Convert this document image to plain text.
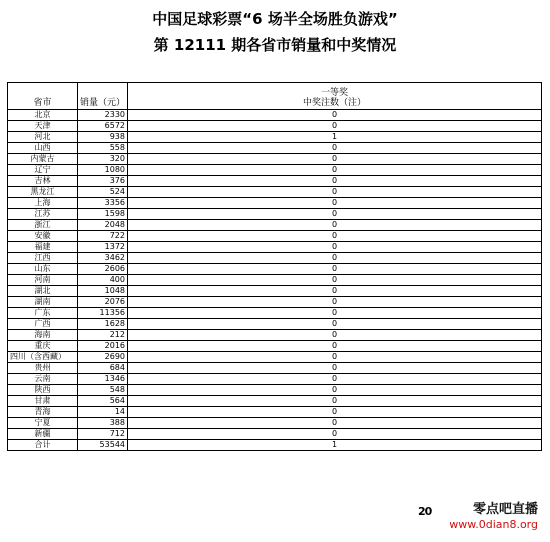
中国足球彩票“6 场半全场胜负游戏”
第 12111 期各省市销量和中奖情况
省市	销量（元）	一等奖
中奖注数（注）

北京	2330	0
天津	6572	0
河北	938	1
山西	558	0
内蒙古	320	0
辽宁	1080	0
吉林	376	0
黑龙江	524	0
上海	3356	0
江苏	1598	0
浙江	2048	0
安徽	722	0
福建	1372	0
江西	3462	0
山东	2606	0
河南	400	0
湖北	1048	0
湖南	2076	0
广东	11356	0
广西	1628	0
海南	212	0
重庆	2016	0
四川（含西藏）	2690	0
贵州	684	0
云南	1346	0
陕西	548	0
甘肃	564	0
青海	14	0
宁夏	388	0
新疆	712	0
合计	53544	1
20	零点吧直播
www.0dian8.org
